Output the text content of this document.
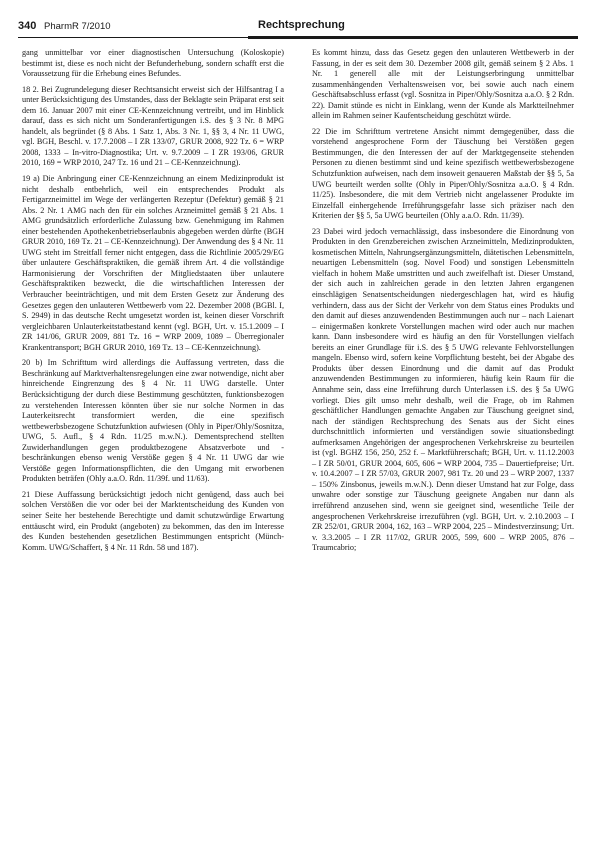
340 PharmR 7/2010	Rechtsprechung

gang unmittelbar vor einer diagnostischen Untersuchung (Koloskopie) bestimmt ist, diese es noch nicht der Befunderhebung, sondern schafft erst die Voraussetzung für die Erhebung eines Befundes.

18 2. Bei Zugrundelegung dieser Rechtsansicht erweist sich der Hilfsantrag I a unter Berücksichtigung des Umstandes, dass der Beklagte sein Präparat erst seit dem 16. Januar 2007 mit einer CE-Kennzeichnung vertreibt, und im Hinblick darauf, dass es sich nicht um Sonderanfertigungen i.S. des § 3 Nr. 8 MPG handelt, als begründet (§ 8 Abs. 1 Satz 1, Abs. 3 Nr. 1, §§ 3, 4 Nr. 11 UWG, vgl. BGH, Beschl. v. 17.7.2008 – I ZR 133/07, GRUR 2008, 922 Tz. 6 = WRP 2008, 1333 – In-vitro-Diagnostika; Urt. v. 9.7.2009 – I ZR 193/06, GRUR 2010, 169 = WRP 2010, 247 Tz. 16 und 21 – CE-Kennzeichnung).

19 a) Die Anbringung einer CE-Kennzeichnung an einem Medizinprodukt ist nicht deshalb entbehrlich, weil ein entsprechendes Produkt als Fertigarzneimittel im Wege der verlängerten Rezeptur (Defektur) gemäß § 21 Abs. 2 Nr. 1 AMG nach den für ein solches Arzneimittel gemäß § 21 Abs. 1 AMG grundsätzlich erforderliche Zulassung bzw. Genehmigung im Rahmen einer bestehenden Apothekenbetriebserlaubnis abgegeben werden dürfte (BGH GRUR 2010, 169 Tz. 21 – CE-Kennzeichnung). Der Anwendung des § 4 Nr. 11 UWG steht im Streitfall ferner nicht entgegen, dass die Richtlinie 2005/29/EG über unlautere Geschäftspraktiken, die gemäß ihrem Art. 4 die vollständige Harmonisierung der Vorschriften der Mitgliedstaaten über unlautere Geschäftspraktiken bezweckt, die die wirtschaftlichen Interessen der Verbraucher beeinträchtigen, und mit dem Ersten Gesetz zur Änderung des Gesetzes gegen den unlauteren Wettbewerb vom 22. Dezember 2008 (BGBl. I, S. 2949) in das deutsche Recht umgesetzt worden ist, keinen dieser Vorschrift vergleichbaren Unlauterkeitstatbestand kennt (vgl. BGH, Urt. v. 15.1.2009 – I ZR 141/06, GRUR 2009, 881 Tz. 16 = WRP 2009, 1089 – Überregionaler Krankentransport; BGH GRUR 2010, 169 Tz. 13 – CE-Kennzeichnung).

20 b) Im Schrifttum wird allerdings die Auffassung vertreten, dass die Beschränkung auf Marktverhaltensregelungen eine zwar notwendige, nicht aber hinreichende Eingrenzung des § 4 Nr. 11 UWG darstelle. Unter Berücksichtigung der durch diese Bestimmung geschützten, funktionsbezogen zu verstehenden Interessen könnten über sie nur solche Normen in das Lauterkeitsrecht transformiert werden, die eine spezifisch wettbewerbsbezogene Schutzfunktion aufwiesen (Ohly in Piper/Ohly/Sosnitza, UWG, 5. Aufl., § 4 Rdn. 11/25 m.w.N.). Dementsprechend stellten Zuwiderhandlungen gegen produktbezogene Absatzverbote und -beschränkungen ebenso wenig Verstöße gegen § 4 Nr. 11 UWG dar wie Verstöße gegen Informationspflichten, die den Umgang mit erworbenen Produkten beträfen (Ohly a.a.O. Rdn. 11/39f. und 11/63).

21 Diese Auffassung berücksichtigt jedoch nicht genügend, dass auch bei solchen Verstößen die vor oder bei der Marktentscheidung des Kunden von seiner Seite her bestehende Berechtigte und damit schutzwürdige Erwartung enttäuscht wird, ein Produkt (angeboten) zu bekommen, das den im Interesse des Kunden bestehenden gesetzlichen Bestimmungen entspricht (Münch-Komm. UWG/Schaffert, § 4 Nr. 11 Rdn. 58 und 187).

Es kommt hinzu, dass das Gesetz gegen den unlauteren Wettbewerb in der Fassung, in der es seit dem 30. Dezember 2008 gilt, gemäß seinem § 2 Abs. 1 Nr. 1 generell alle mit der Leistungserbringung unmittelbar zusammenhängenden Verhaltensweisen vor, bei sowie auch nach einem Geschäftsabschluss erfasst (vgl. Sosnitza in Piper/Ohly/Sosnitza a.a.O. § 2 Rdn. 22). Damit stünde es nicht in Einklang, wenn der Kunde als Marktteilnehmer allein im Rahmen seiner Kaufentscheidung geschützt würde.

22 Die im Schrifttum vertretene Ansicht nimmt demgegenüber, dass die vorstehend angesprochene Form der Täuschung bei Verstößen gegen Bestimmungen, die den Interessen der auf der Marktgegenseite stehenden Personen zu dienen bestimmt sind und keine spezifisch wettbewerbsbezogene Schutzfunktion aufweisen, nach dem insoweit genaueren Maßstab der §§ 5, 5a UWG beurteilt werden sollte (Ohly in Piper/Ohly/Sosnitza a.a.O. § 4 Rdn. 11/25). Insbesondere, die mit dem Vertrieb nicht angelassener Produkte im Einzelfall einhergehende Irreführungsgefahr lasse sich präziser nach den Kriterien der §§ 5, 5a UWG beurteilen (Ohly a.a.O. Rdn. 11/39).

23 Dabei wird jedoch vernachlässigt, dass insbesondere die Einordnung von Produkten in den Grenzbereichen zwischen Arzneimitteln, Medizinprodukten, kosmetischen Mitteln, Nahrungsergänzungsmitteln, diätetischen Lebensmitteln, neuartigen Lebensmitteln (sog. Novel Food) und sonstigen Lebensmitteln vielfach in hohem Maße umstritten und auch zweifelhaft ist. Dieser Umstand, der sich auch in zahlreichen gerade in den letzten Jahren ergangenen einschlägigen Senatsentscheidungen niedergeschlagen hat, wird es häufig verhindern, dass aus der Sicht der Verkehr von dem Status eines Produkts und den damit auf dieses anzuwendenden Bestimmungen auch nur – nach Laienart – einigermaßen konkrete Vorstellungen machen wird oder auch nur machen kann. Dann insbesondere wird es häufig an den für Vorstellungen vielfach bereits an einer Grundlage für i.S. des § 5 UWG relevante Fehlvorstellungen mangeln. Ebenso wird, sofern keine Vorpflichtung besteht, bei der Abgabe des Produkts über dessen Einordnung und die damit auf das Produkt anzuwendenden Bestimmungen zu informieren, häufig kein Raum für die Annahme sein, dass eine Irreführung durch Unterlassen i.S. des § 5a UWG vorliegt. Dies gilt umso mehr deshalb, weil die Frage, ob im Rahmen geschäftlicher Handlungen gemachte Angaben zur Täuschung geeignet sind, nach der ständigen Rechtsprechung des Senats aus der Sicht eines durchschnittlich informierten und verständigen sowie situationsbedingt aufmerksamen Angehörigen der angesprochenen Verkehrskreise zu beurteilen ist (vgl. BGHZ 156, 250, 252 f. – Marktführerschaft; BGH, Urt. v. 11.12.2003 – I ZR 50/01, GRUR 2004, 605, 606 = WRP 2004, 735 – Dauertiefpreise; Urt. v. 10.4.2007 – I ZR 57/03, GRUR 2007, 981 Tz. 20 und 23 – WRP 2007, 1337 – 150% Zinsbonus, jeweils m.w.N.). Denn dieser Umstand hat zur Folge, dass unwahre oder sonstige zur Täuschung geeignete Angaben nur dann als irreführend anzusehen sind, wenn sie geeignet sind, wesentliche Teile der angesprochenen Verkehrskreise irrezuführen (vgl. BGH, Urt. v. 2.10.2003 – I ZR 252/01, GRUR 2004, 162, 163 – WRP 2004, 225 – Mindestverzinsung; Urt. v. 3.3.2005 – I ZR 117/02, GRUR 2005, 599, 600 – WRP 2005, 876 – Traumcabrio;
